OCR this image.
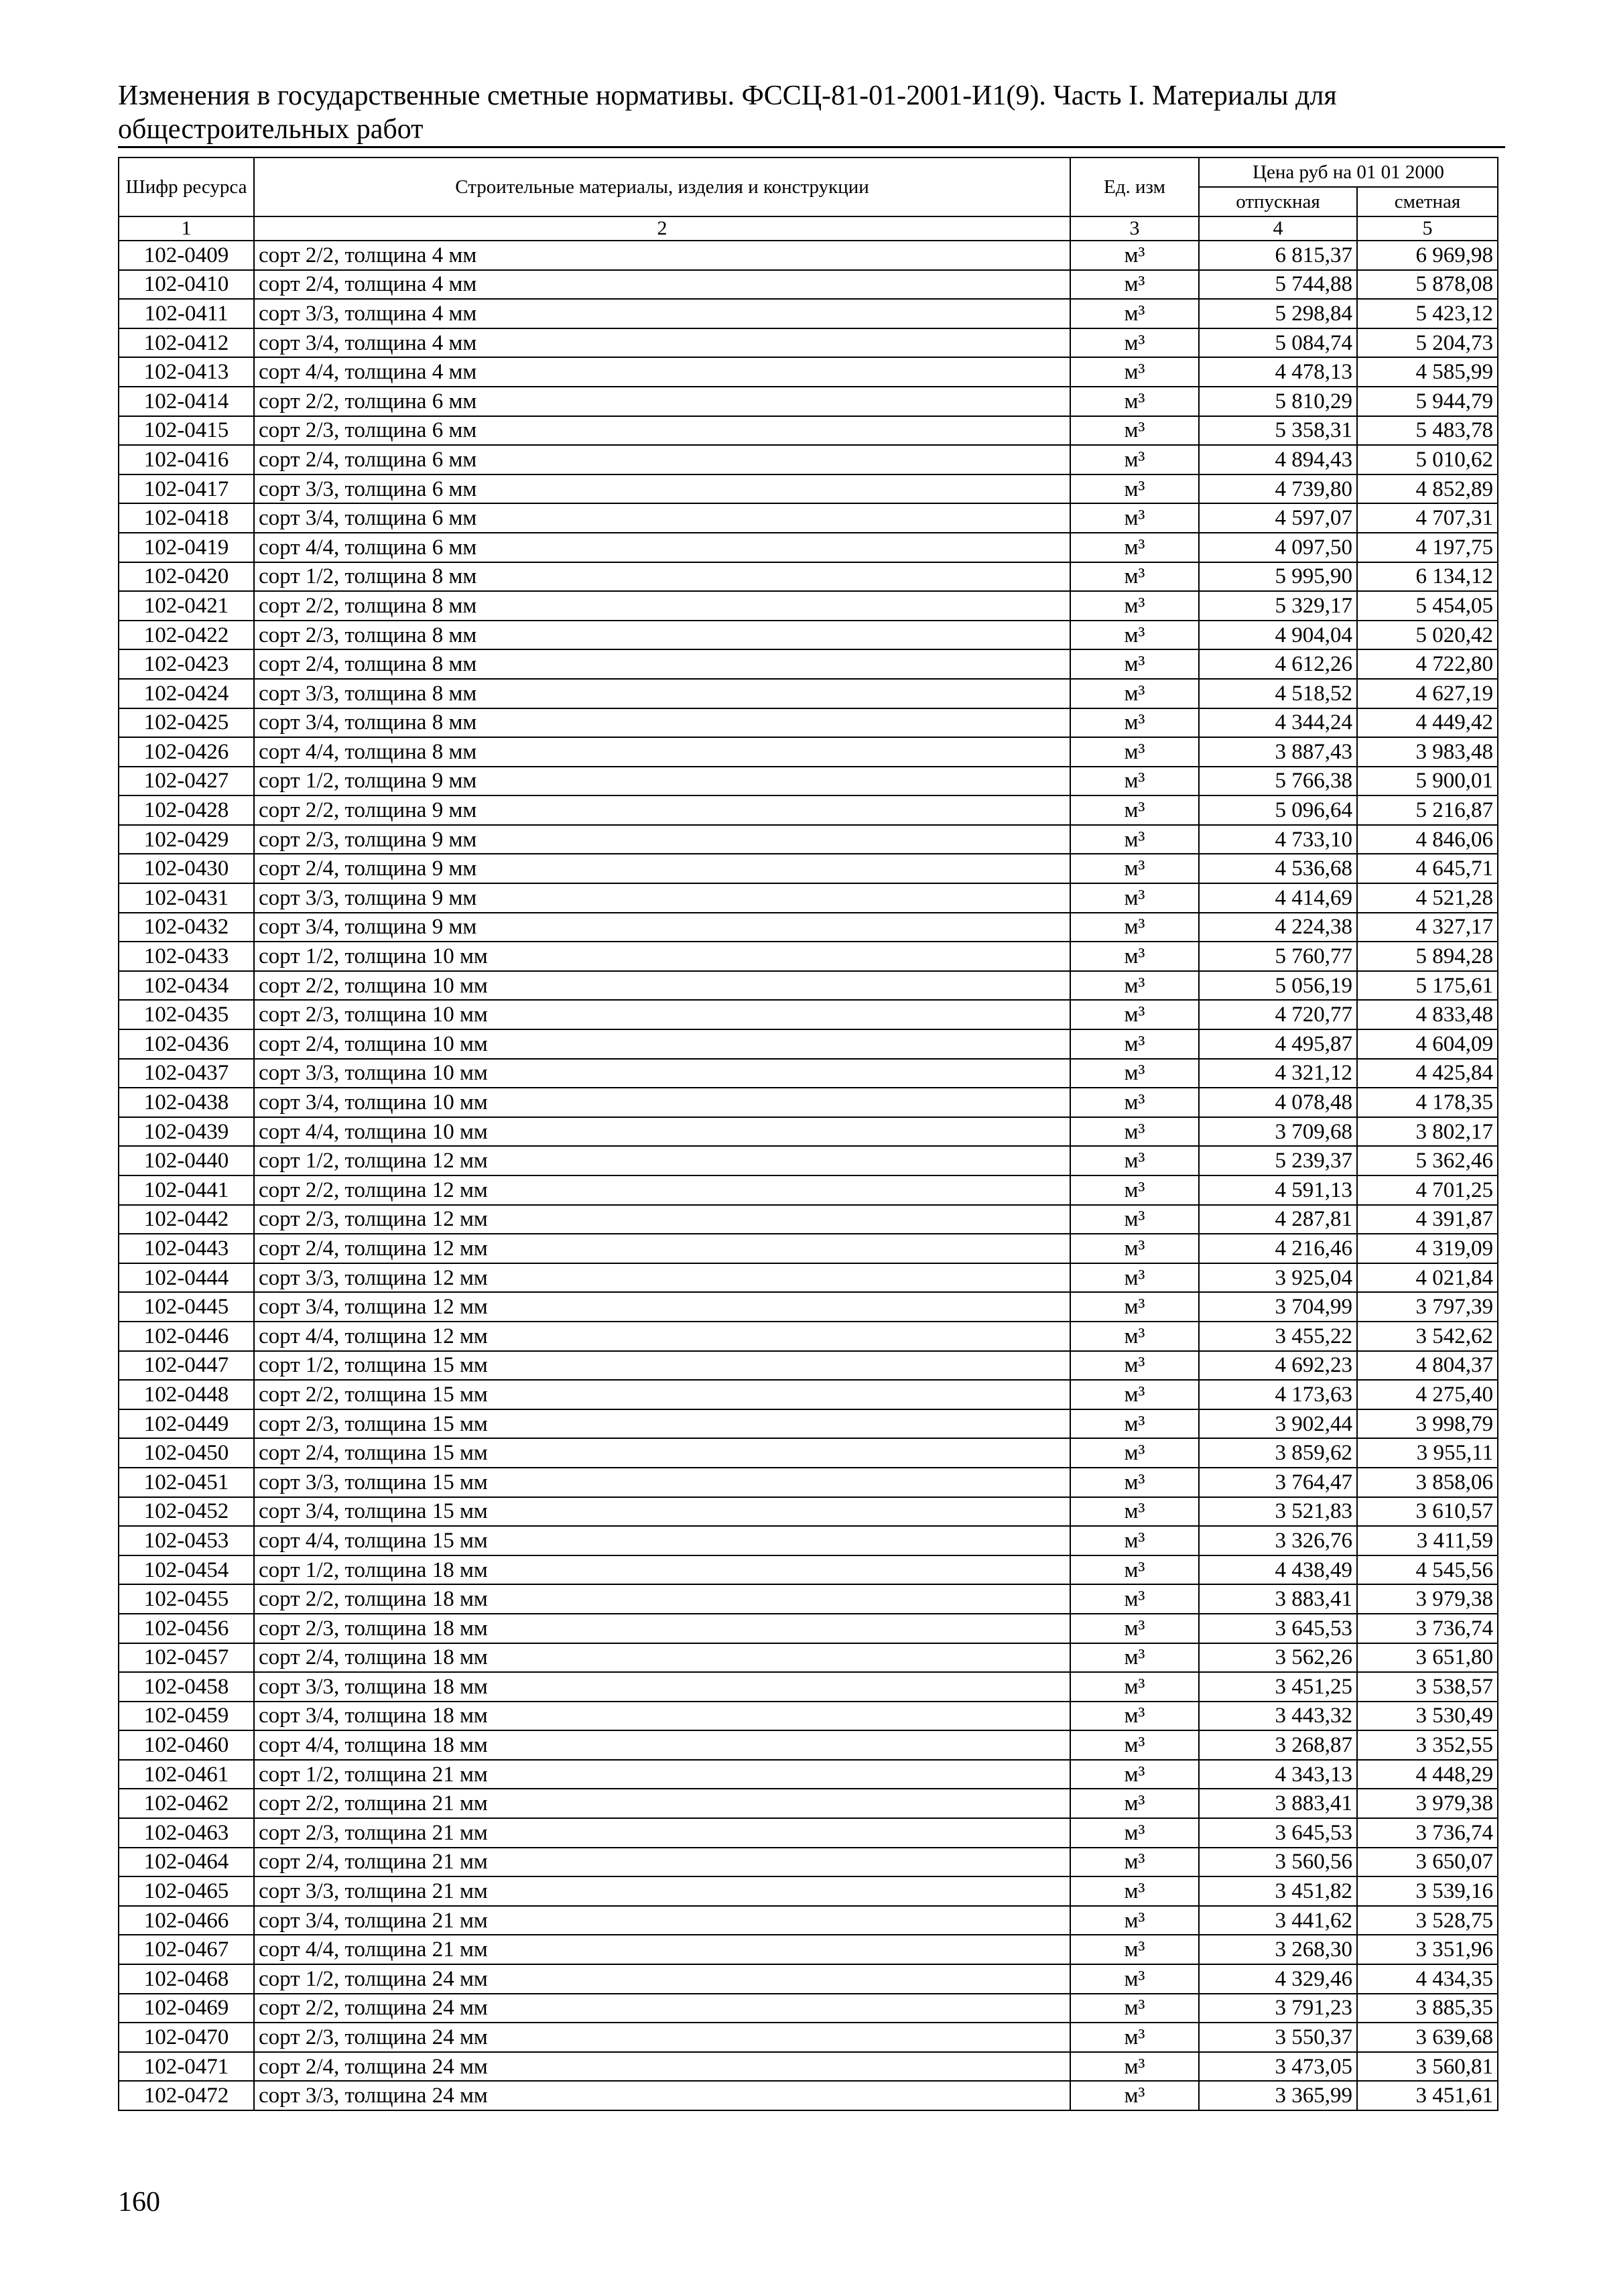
Изменения в государственные сметные нормативы. ФССЦ-81-01-2001-И1(9). Часть I. Материалы для общестроительных работ
Шифр ресурса	Строительные материалы, изделия и конструкции	Ед. изм	Цена руб на 01 01 2000	
			отпускная	сметная
1	2	3	4	5
102-0409	сорт 2/2, толщина 4 мм	м³	6 815,37	6 969,98
102-0410	сорт 2/4, толщина 4 мм	м³	5 744,88	5 878,08
102-0411	сорт 3/3, толщина 4 мм	м³	5 298,84	5 423,12
102-0412	сорт 3/4, толщина 4 мм	м³	5 084,74	5 204,73
102-0413	сорт 4/4, толщина 4 мм	м³	4 478,13	4 585,99
102-0414	сорт 2/2, толщина 6 мм	м³	5 810,29	5 944,79
102-0415	сорт 2/3, толщина 6 мм	м³	5 358,31	5 483,78
102-0416	сорт 2/4, толщина 6 мм	м³	4 894,43	5 010,62
102-0417	сорт 3/3, толщина 6 мм	м³	4 739,80	4 852,89
102-0418	сорт 3/4, толщина 6 мм	м³	4 597,07	4 707,31
102-0419	сорт 4/4, толщина 6 мм	м³	4 097,50	4 197,75
102-0420	сорт 1/2, толщина 8 мм	м³	5 995,90	6 134,12
102-0421	сорт 2/2, толщина 8 мм	м³	5 329,17	5 454,05
102-0422	сорт 2/3, толщина 8 мм	м³	4 904,04	5 020,42
102-0423	сорт 2/4, толщина 8 мм	м³	4 612,26	4 722,80
102-0424	сорт 3/3, толщина 8 мм	м³	4 518,52	4 627,19
102-0425	сорт 3/4, толщина 8 мм	м³	4 344,24	4 449,42
102-0426	сорт 4/4, толщина 8 мм	м³	3 887,43	3 983,48
102-0427	сорт 1/2, толщина 9 мм	м³	5 766,38	5 900,01
102-0428	сорт 2/2, толщина 9 мм	м³	5 096,64	5 216,87
102-0429	сорт 2/3, толщина 9 мм	м³	4 733,10	4 846,06
102-0430	сорт 2/4, толщина 9 мм	м³	4 536,68	4 645,71
102-0431	сорт 3/3, толщина 9 мм	м³	4 414,69	4 521,28
102-0432	сорт 3/4, толщина 9 мм	м³	4 224,38	4 327,17
102-0433	сорт 1/2, толщина 10 мм	м³	5 760,77	5 894,28
102-0434	сорт 2/2, толщина 10 мм	м³	5 056,19	5 175,61
102-0435	сорт 2/3, толщина 10 мм	м³	4 720,77	4 833,48
102-0436	сорт 2/4, толщина 10 мм	м³	4 495,87	4 604,09
102-0437	сорт 3/3, толщина 10 мм	м³	4 321,12	4 425,84
102-0438	сорт 3/4, толщина 10 мм	м³	4 078,48	4 178,35
102-0439	сорт 4/4, толщина 10 мм	м³	3 709,68	3 802,17
102-0440	сорт 1/2, толщина 12 мм	м³	5 239,37	5 362,46
102-0441	сорт 2/2, толщина 12 мм	м³	4 591,13	4 701,25
102-0442	сорт 2/3, толщина 12 мм	м³	4 287,81	4 391,87
102-0443	сорт 2/4, толщина 12 мм	м³	4 216,46	4 319,09
102-0444	сорт 3/3, толщина 12 мм	м³	3 925,04	4 021,84
102-0445	сорт 3/4, толщина 12 мм	м³	3 704,99	3 797,39
102-0446	сорт 4/4, толщина 12 мм	м³	3 455,22	3 542,62
102-0447	сорт 1/2, толщина 15 мм	м³	4 692,23	4 804,37
102-0448	сорт 2/2, толщина 15 мм	м³	4 173,63	4 275,40
102-0449	сорт 2/3, толщина 15 мм	м³	3 902,44	3 998,79
102-0450	сорт 2/4, толщина 15 мм	м³	3 859,62	3 955,11
102-0451	сорт 3/3, толщина 15 мм	м³	3 764,47	3 858,06
102-0452	сорт 3/4, толщина 15 мм	м³	3 521,83	3 610,57
102-0453	сорт 4/4, толщина 15 мм	м³	3 326,76	3 411,59
102-0454	сорт 1/2, толщина 18 мм	м³	4 438,49	4 545,56
102-0455	сорт 2/2, толщина 18 мм	м³	3 883,41	3 979,38
102-0456	сорт 2/3, толщина 18 мм	м³	3 645,53	3 736,74
102-0457	сорт 2/4, толщина 18 мм	м³	3 562,26	3 651,80
102-0458	сорт 3/3, толщина 18 мм	м³	3 451,25	3 538,57
102-0459	сорт 3/4, толщина 18 мм	м³	3 443,32	3 530,49
102-0460	сорт 4/4, толщина 18 мм	м³	3 268,87	3 352,55
102-0461	сорт 1/2, толщина 21 мм	м³	4 343,13	4 448,29
102-0462	сорт 2/2, толщина 21 мм	м³	3 883,41	3 979,38
102-0463	сорт 2/3, толщина 21 мм	м³	3 645,53	3 736,74
102-0464	сорт 2/4, толщина 21 мм	м³	3 560,56	3 650,07
102-0465	сорт 3/3, толщина 21 мм	м³	3 451,82	3 539,16
102-0466	сорт 3/4, толщина 21 мм	м³	3 441,62	3 528,75
102-0467	сорт 4/4, толщина 21 мм	м³	3 268,30	3 351,96
102-0468	сорт 1/2, толщина 24 мм	м³	4 329,46	4 434,35
102-0469	сорт 2/2, толщина 24 мм	м³	3 791,23	3 885,35
102-0470	сорт 2/3, толщина 24 мм	м³	3 550,37	3 639,68
102-0471	сорт 2/4, толщина 24 мм	м³	3 473,05	3 560,81
102-0472	сорт 3/3, толщина 24 мм	м³	3 365,99	3 451,61
160
